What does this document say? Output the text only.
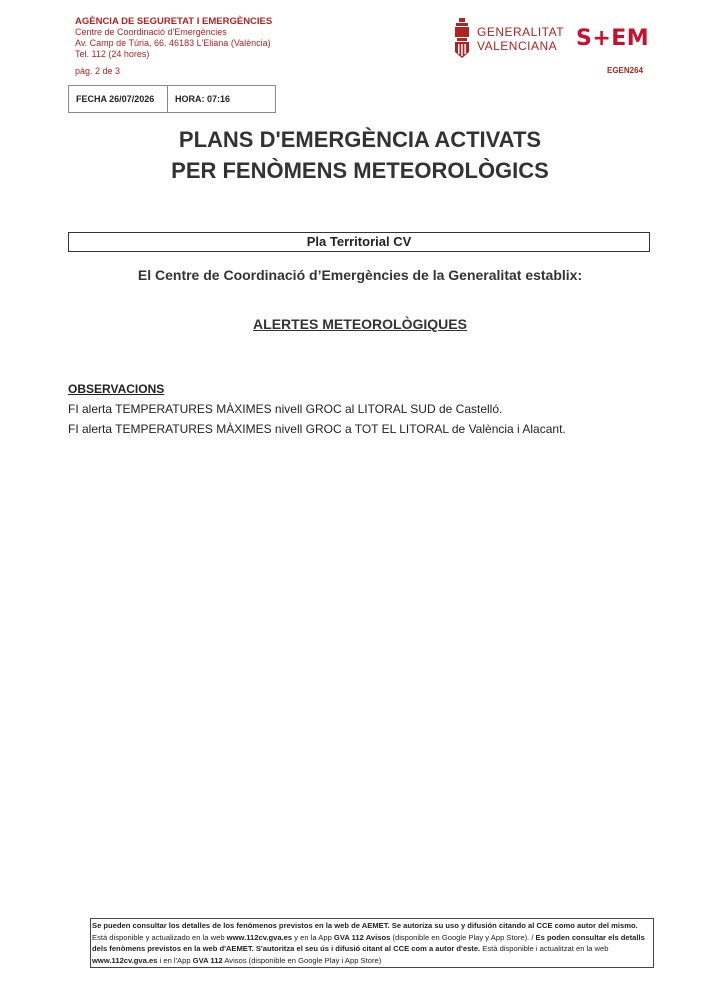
AGÈNCIA DE SEGURETAT I EMERGÈNCIES
Centre de Coordinació d'Emergències
Av. Camp de Túria, 66. 46183 L'Eliana (València)
Tel. 112 (24 hores)
pàg. 2 de 3
GENERALITAT
VALENCIANA S+EM
EGEN264
FECHA 26/07/2026	HORA: 07:16
PLANS D'EMERGÈNCIA ACTIVATS
PER FENÒMENS METEOROLÒGICS
Pla Territorial CV
El Centre de Coordinació d’Emergències de la Generalitat establix:
ALERTES METEOROLÒGIQUES
OBSERVACIONS
FI alerta TEMPERATURES MÀXIMES nivell GROC al LITORAL SUD de Castelló.
FI alerta TEMPERATURES MÀXIMES nivell GROC a TOT EL LITORAL de València i Alacant.
Se pueden consultar los detalles de los fenómenos previstos en la web de AEMET. Se autoriza su uso y difusión citando al CCE como autor del mismo. Está disponible y actualizado en la web www.112cv.gva.es y en la App GVA 112 Avisos (disponible en Google Play y App Store). / Es poden consultar els detalls dels fenòmens previstos en la web d'AEMET. S'autoritza el seu ús i difusió citant al CCE com a autor d'este. Està disponible i actualitzat en la web www.112cv.gva.es i en l'App GVA 112 Avisos (disponible en Google Play i App Store)
